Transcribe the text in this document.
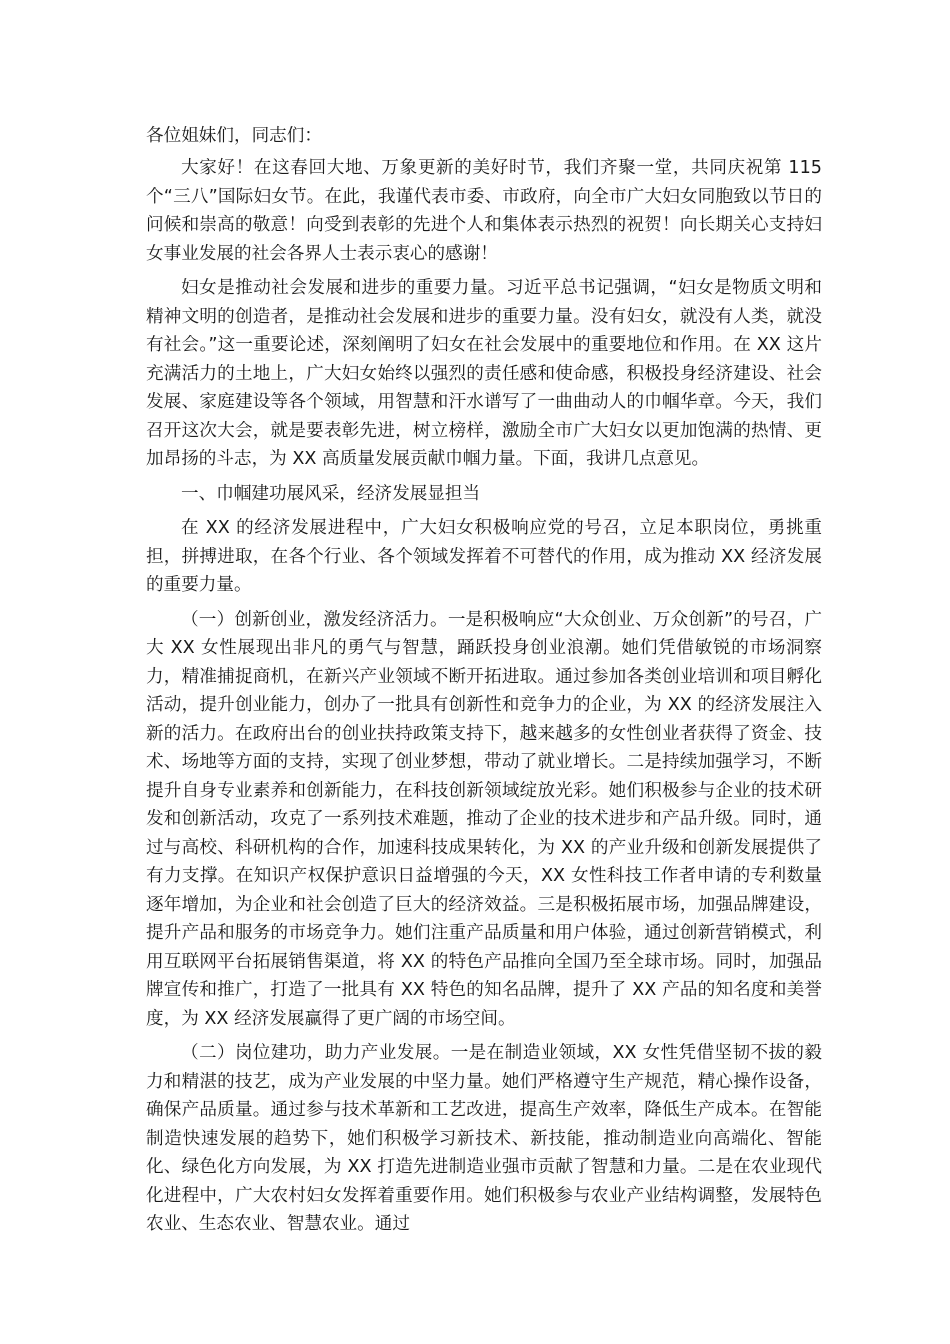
各位姐妹们，同志们：

大家好！在这春回大地、万象更新的美好时节，我们齐聚一堂，共同庆祝第 115 个“三八”国际妇女节。在此，我谨代表市委、市政府，向全市广大妇女同胞致以节日的问候和崇高的敬意！向受到表彰的先进个人和集体表示热烈的祝贺！向长期关心支持妇女事业发展的社会各界人士表示衷心的感谢！

妇女是推动社会发展和进步的重要力量。习近平总书记强调，“妇女是物质文明和精神文明的创造者，是推动社会发展和进步的重要力量。没有妇女，就没有人类，就没有社会。”这一重要论述，深刻阐明了妇女在社会发展中的重要地位和作用。在 XX 这片充满活力的土地上，广大妇女始终以强烈的责任感和使命感，积极投身经济建设、社会发展、家庭建设等各个领域，用智慧和汗水谱写了一曲曲动人的巾帼华章。今天，我们召开这次大会，就是要表彰先进，树立榜样，激励全市广大妇女以更加饱满的热情、更加昂扬的斗志，为 XX 高质量发展贡献巾帼力量。下面，我讲几点意见。

一、巾帼建功展风采，经济发展显担当

在 XX 的经济发展进程中，广大妇女积极响应党的号召，立足本职岗位，勇挑重担，拼搏进取，在各个行业、各个领域发挥着不可替代的作用，成为推动 XX 经济发展的重要力量。

（一）创新创业，激发经济活力。一是积极响应“大众创业、万众创新”的号召，广大 XX 女性展现出非凡的勇气与智慧，踊跃投身创业浪潮。她们凭借敏锐的市场洞察力，精准捕捉商机，在新兴产业领域不断开拓进取。通过参加各类创业培训和项目孵化活动，提升创业能力，创办了一批具有创新性和竞争力的企业，为 XX 的经济发展注入新的活力。在政府出台的创业扶持政策支持下，越来越多的女性创业者获得了资金、技术、场地等方面的支持，实现了创业梦想，带动了就业增长。二是持续加强学习，不断提升自身专业素养和创新能力，在科技创新领域绽放光彩。她们积极参与企业的技术研发和创新活动，攻克了一系列技术难题，推动了企业的技术进步和产品升级。同时，通过与高校、科研机构的合作，加速科技成果转化，为 XX 的产业升级和创新发展提供了有力支撑。在知识产权保护意识日益增强的今天，XX 女性科技工作者申请的专利数量逐年增加，为企业和社会创造了巨大的经济效益。三是积极拓展市场，加强品牌建设，提升产品和服务的市场竞争力。她们注重产品质量和用户体验，通过创新营销模式，利用互联网平台拓展销售渠道，将 XX 的特色产品推向全国乃至全球市场。同时，加强品牌宣传和推广，打造了一批具有 XX 特色的知名品牌，提升了 XX 产品的知名度和美誉度，为 XX 经济发展赢得了更广阔的市场空间。

（二）岗位建功，助力产业发展。一是在制造业领域，XX 女性凭借坚韧不拔的毅力和精湛的技艺，成为产业发展的中坚力量。她们严格遵守生产规范，精心操作设备，确保产品质量。通过参与技术革新和工艺改进，提高生产效率，降低生产成本。在智能制造快速发展的趋势下，她们积极学习新技术、新技能，推动制造业向高端化、智能化、绿色化方向发展，为 XX 打造先进制造业强市贡献了智慧和力量。二是在农业现代化进程中，广大农村妇女发挥着重要作用。她们积极参与农业产业结构调整，发展特色农业、生态农业、智慧农业。通过
